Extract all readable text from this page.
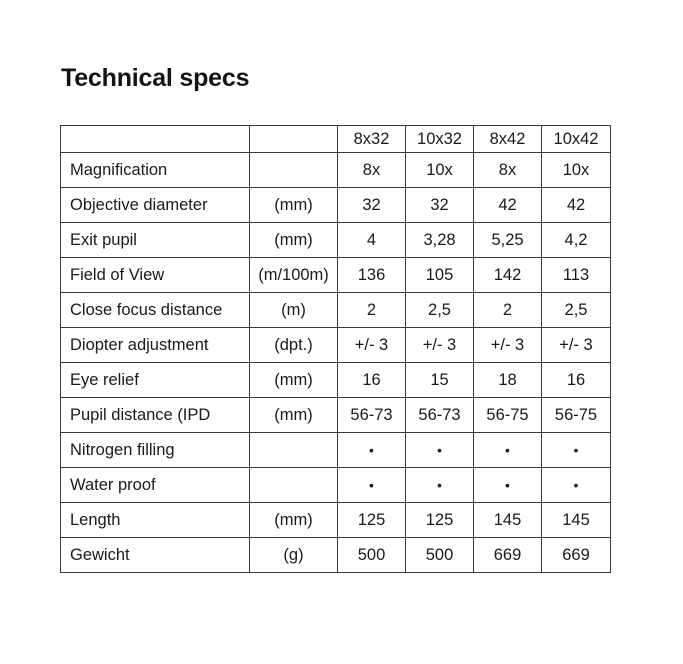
Technical specs
		8x32	10x32	8x42	10x42
Magnification		8x	10x	8x	10x
Objective diameter	(mm)	32	32	42	42
Exit pupil	(mm)	4	3,28	5,25	4,2
Field of View	(m/100m)	136	105	142	113
Close focus distance	(m)	2	2,5	2	2,5
Diopter adjustment	(dpt.)	+/- 3	+/- 3	+/- 3	+/- 3
Eye relief	(mm)	16	15	18	16
Pupil distance (IPD	(mm)	56-73	56-73	56-75	56-75
Nitrogen filling		•	•	•	•
Water proof		•	•	•	•
Length	(mm)	125	125	145	145
Gewicht	(g)	500	500	669	669
